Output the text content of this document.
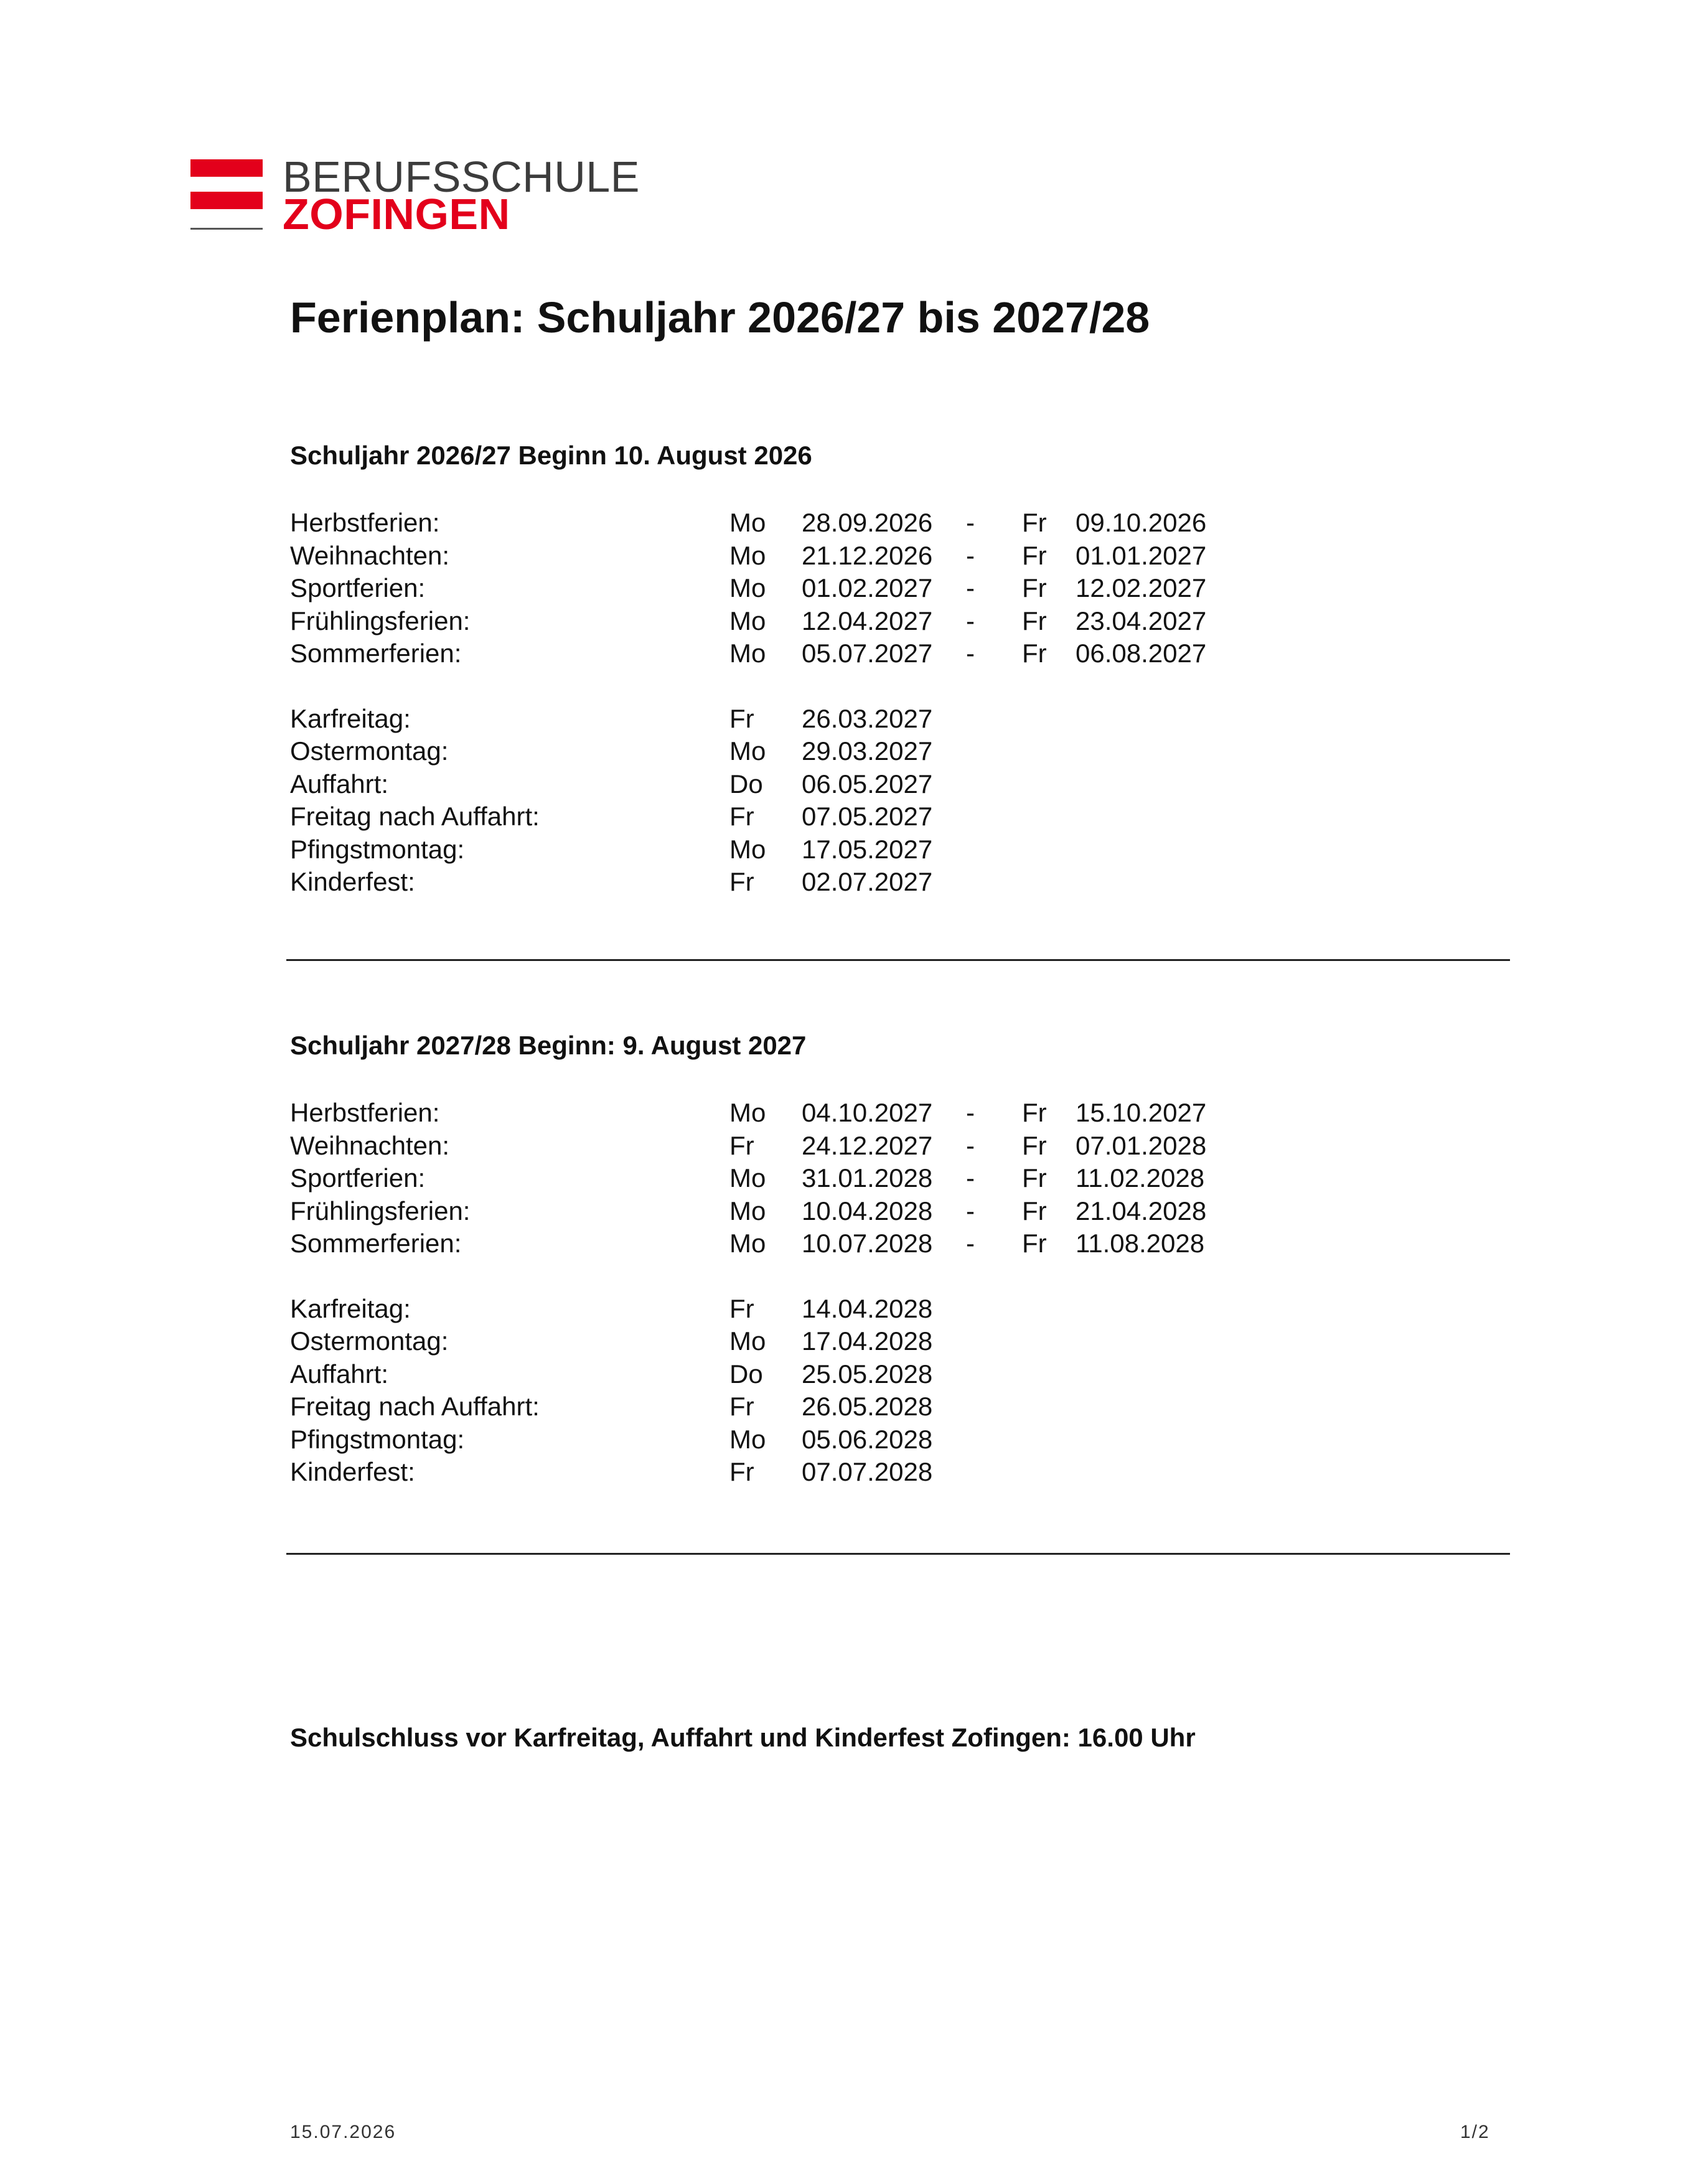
BERUFSSCHULE
ZOFINGEN
Ferienplan: Schuljahr 2026/27 bis 2027/28
Schuljahr 2026/27 Beginn 10. August 2026
Herbstferien:	Mo 28.09.2026 - Fr 09.10.2026
Weihnachten:	Mo 21.12.2026 - Fr 01.01.2027
Sportferien:	Mo 01.02.2027 - Fr 12.02.2027
Frühlingsferien:	Mo 12.04.2027 - Fr 23.04.2027
Sommerferien:	Mo 05.07.2027 - Fr 06.08.2027
Karfreitag:	Fr 26.03.2027
Ostermontag:	Mo 29.03.2027
Auffahrt:	Do 06.05.2027
Freitag nach Auffahrt:	Fr 07.05.2027
Pfingstmontag:	Mo 17.05.2027
Kinderfest:	Fr 02.07.2027
Schuljahr 2027/28 Beginn: 9. August 2027
Herbstferien:	Mo 04.10.2027 - Fr 15.10.2027
Weihnachten:	Fr 24.12.2027 - Fr 07.01.2028
Sportferien:	Mo 31.01.2028 - Fr 11.02.2028
Frühlingsferien:	Mo 10.04.2028 - Fr 21.04.2028
Sommerferien:	Mo 10.07.2028 - Fr 11.08.2028
Karfreitag:	Fr 14.04.2028
Ostermontag:	Mo 17.04.2028
Auffahrt:	Do 25.05.2028
Freitag nach Auffahrt:	Fr 26.05.2028
Pfingstmontag:	Mo 05.06.2028
Kinderfest:	Fr 07.07.2028
Schulschluss vor Karfreitag, Auffahrt und Kinderfest Zofingen: 16.00 Uhr
15.07.2026	1/2
